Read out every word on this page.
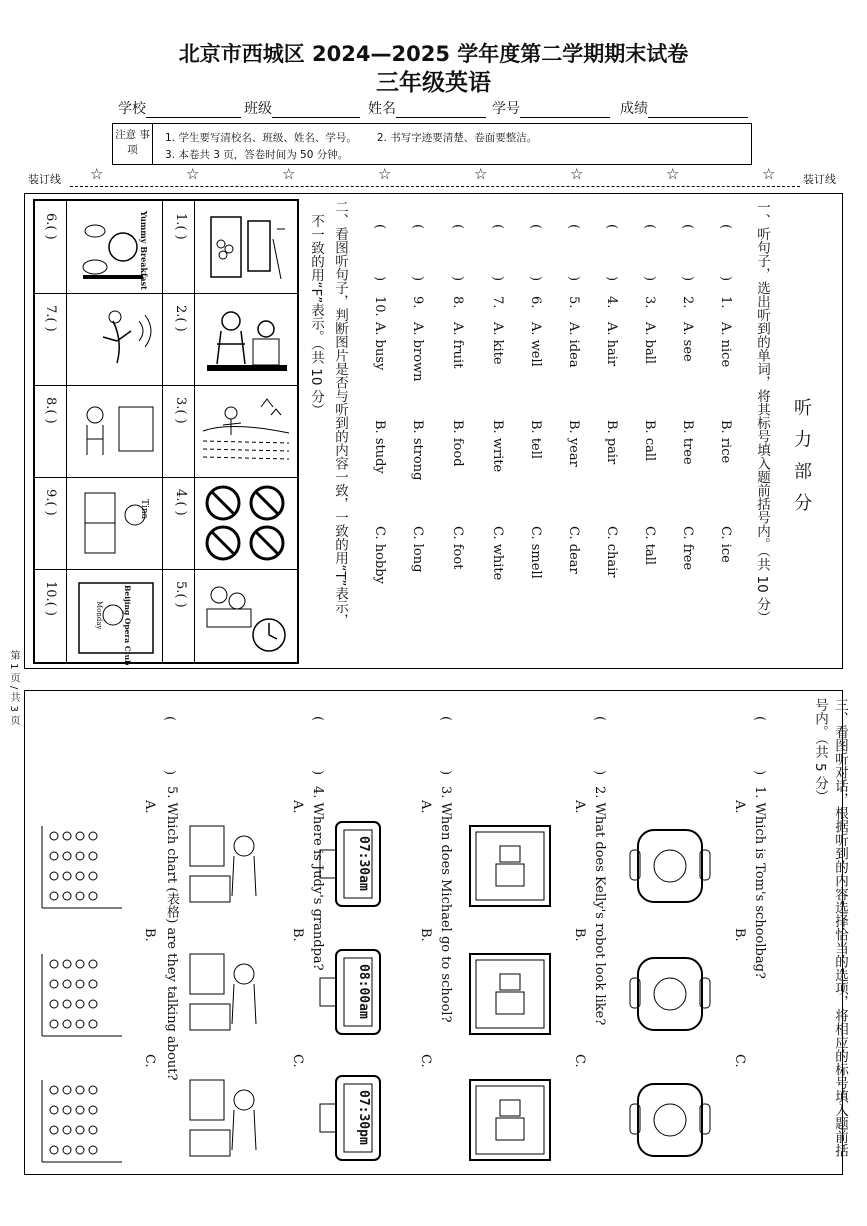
北京市西城区 2024—2025 学年度第二学期期末试卷
三年级英语
学校	班级	姓名	学号	成绩
注意 事项
1. 学生要写清校名、班级、姓名、学号。 2. 书写字迹要清楚、卷面要整洁。
3. 本卷共 3 页，答卷时间为 50 分钟。
装订线	装订线
☆	☆	☆	☆	☆	☆	☆	☆
听 力 部 分
一、听句子，选出听到的单词，将其标号填入题前括号内。（共 10 分）
(
)
1.
A. nice
B. rice
C. ice
(
)
2.
A. see
B. tree
C. free
(
)
3.
A. ball
B. call
C. tall
(
)
4.
A. hair
B. pair
C. chair
(
)
5.
A. idea
B. year
C. dear
(
)
6.
A. well
B. tell
C. smell
(
)
7.
A. kite
B. write
C. white
(
)
8.
A. fruit
B. food
C. foot
(
)
9.
A. brown
B. strong
C. long
(
)
10.
A. busy
B. study
C. hobby
二、看图听句子，判断图片是否与听到的内容一致，一致的用“T”表示，
不一致的用“F”表示。（共 10 分）
1.( )
2.( )
3.( )
4.( )
5.( )
6.( )
7.( )
8.( )
9.( )
10.( )
Yummy Breakfast
Tina
Beijing Opera Club
Monday
第 1 页 / 共 3 页
三、看图听对话，根据听到的内容选择恰当的选项，将相应的标号填入题前括号内。（共 5 分）
(
)
1. Which is Tom's schoolbag?
A.
B.
C.
(
)
2. What does Kelly's robot look like?
A.
B.
C.
(
)
3. When does Michael go to school?
A.
07:30am
B.
08:00am
C.
07:30pm
(
)
4. Where is Judy's grandpa?
A.
B.
C.
(
)
5. Which chart (表格) are they talking about?
A.
B.
C.
